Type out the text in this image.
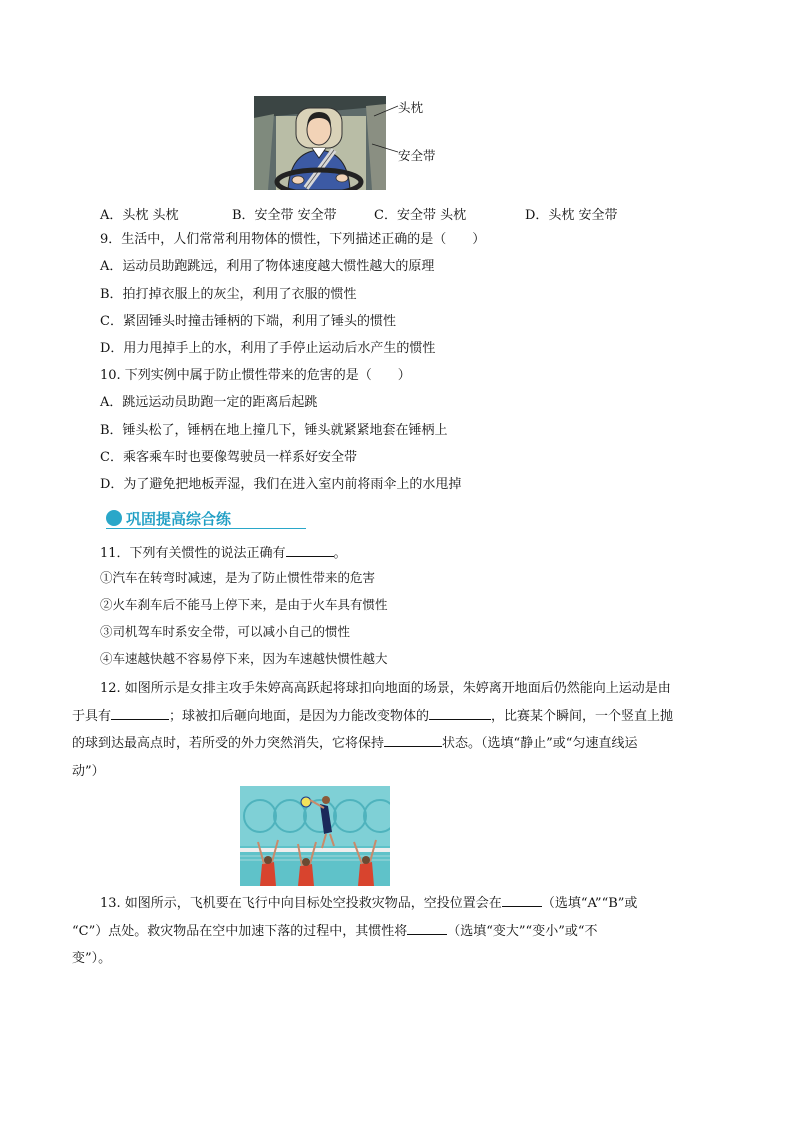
头枕
安全带
A．头枕 头枕	B．安全带 安全带	C．安全带 头枕	D．头枕 安全带
9．生活中，人们常常利用物体的惯性，下列描述正确的是（　　）
A．运动员助跑跳远，利用了物体速度越大惯性越大的原理
B．拍打掉衣服上的灰尘，利用了衣服的惯性
C．紧固锤头时撞击锤柄的下端，利用了锤头的惯性
D．用力甩掉手上的水，利用了手停止运动后水产生的惯性
10. 下列实例中属于防止惯性带来的危害的是（　　）
A．跳远运动员助跑一定的距离后起跳
B．锤头松了，锤柄在地上撞几下，锤头就紧紧地套在锤柄上
C．乘客乘车时也要像驾驶员一样系好安全带
D．为了避免把地板弄湿，我们在进入室内前将雨伞上的水甩掉
巩固提高综合练
11．下列有关惯性的说法正确有	。
①汽车在转弯时减速，是为了防止惯性带来的危害
②火车刹车后不能马上停下来，是由于火车具有惯性
③司机驾车时系安全带，可以减小自己的惯性
④车速越快越不容易停下来，因为车速越快惯性越大
12. 如图所示是女排主攻手朱婷高高跃起将球扣向地面的场景，朱婷离开地面后仍然能向上运动是由
于具有	；球被扣后砸向地面，是因为力能改变物体的	，比赛某个瞬间，一个竖直上抛
的球到达最高点时，若所受的外力突然消失，它将保持	状态。（选填“静止”或“匀速直线运
动”）
13. 如图所示，飞机要在飞行中向目标处空投救灾物品，空投位置会在	（选填“A”“B”或
“C”）点处。救灾物品在空中加速下落的过程中，其惯性将	（选填“变大”“变小”或“不
变”）。
